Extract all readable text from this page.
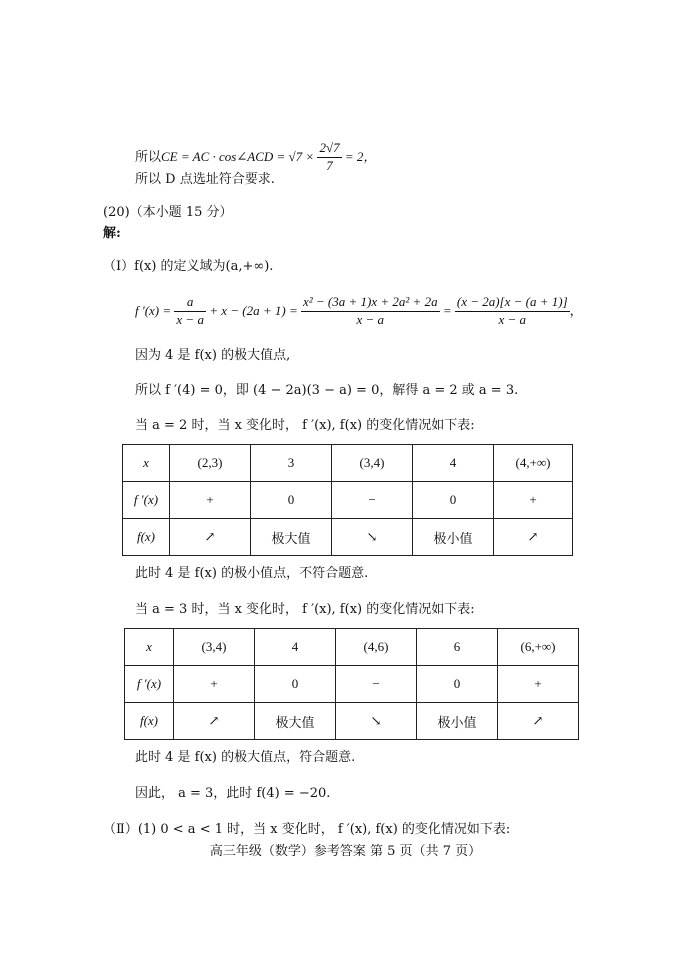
所以CE = AC · cos∠ACD = $√7 \times \frac{2√7}{7} = 2$，
所以 D 点选址符合要求.
(20)（本小题 15 分）
解:
（Ⅰ）f(x) 的定义域为(a,+∞).
f $'(x) = \frac{a}{x - a} + x - (2a + 1) = \frac{\text{x² − (3a + 1)x + 2a² + 2a}}{x - a} = \frac{(x - 2a)[x - (a + 1)]}{x - a}$ ，
因为 4 是 f(x) 的极大值点,
所以 f ′(4) = 0，即 (4 − 2a)(3 − a) = 0，解得 a = 2 或 a = 3.
当 a = 2 时，当 x 变化时， f ′(x), f(x) 的变化情况如下表:
x	(2,3)	3	(3,4)	4	(4,+∞)
f ′(x)	+	0	−	0	+
f(x)	↗	极大值	↘	极小值	↗
此时 4 是 f(x) 的极小值点，不符合题意.
当 a = 3 时，当 x 变化时， f ′(x), f(x) 的变化情况如下表:
x	(3,4)	4	(4,6)	6	(6,+∞)
f ′(x)	+	0	−	0	+
f(x)	↗	极大值	↘	极小值	↗
此时 4 是 f(x) 的极大值点，符合题意.
因此， a = 3，此时 f(4) = −20.
（Ⅱ）(1) 0 < a < 1 时，当 x 变化时， f ′(x), f(x) 的变化情况如下表:
高三年级（数学）参考答案 第 5 页（共 7 页）
